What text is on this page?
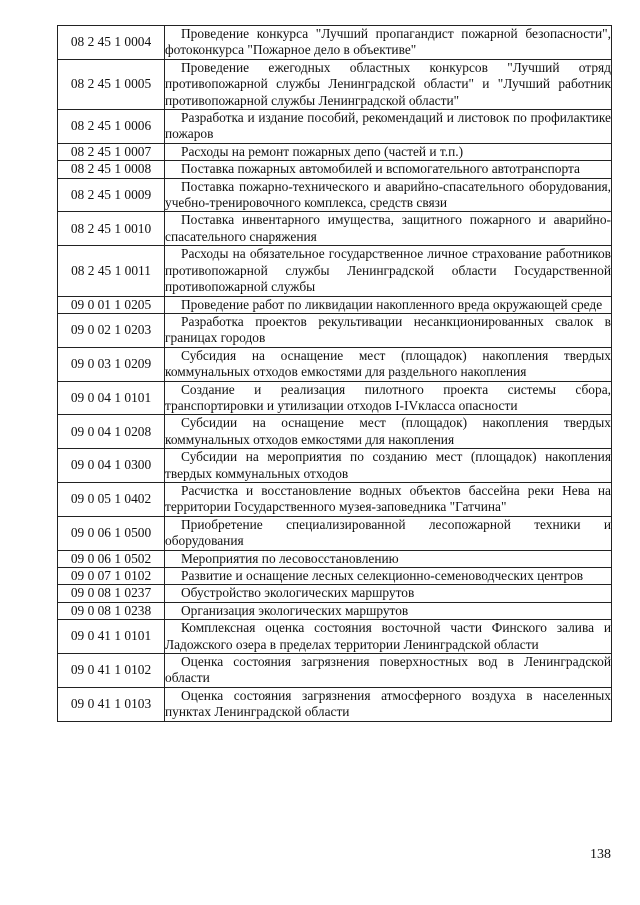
08 2 45 1 0004	Проведение конкурса "Лучший пропагандист пожарной безопасности", фотоконкурса "Пожарное дело в объективе"
08 2 45 1 0005	Проведение ежегодных областных конкурсов "Лучший отряд противопожарной службы Ленинградской области" и "Лучший работник противопожарной службы Ленинградской области"
08 2 45 1 0006	Разработка и издание пособий, рекомендаций и листовок по профилактике пожаров
08 2 45 1 0007	Расходы на ремонт пожарных депо (частей и т.п.)
08 2 45 1 0008	Поставка пожарных автомобилей и вспомогательного автотранспорта
08 2 45 1 0009	Поставка пожарно-технического и аварийно-спасательного оборудования, учебно-тренировочного комплекса, средств связи
08 2 45 1 0010	Поставка инвентарного имущества, защитного пожарного и аварийно-спасательного снаряжения
08 2 45 1 0011	Расходы на обязательное государственное личное страхование работников противопожарной службы Ленинградской области Государственной противопожарной службы
09 0 01 1 0205	Проведение работ по ликвидации накопленного вреда окружающей среде
09 0 02 1 0203	Разработка проектов рекультивации несанкционированных свалок в границах городов
09 0 03 1 0209	Субсидия на оснащение мест (площадок) накопления твердых коммунальных отходов емкостями для раздельного накопления
09 0 04 1 0101	Создание и реализация пилотного проекта системы сбора, транспортировки и утилизации отходов I-IVкласса опасности
09 0 04 1 0208	Субсидии на оснащение мест (площадок) накопления твердых коммунальных отходов емкостями для накопления
09 0 04 1 0300	Субсидии на мероприятия по созданию мест (площадок) накопления твердых коммунальных отходов
09 0 05 1 0402	Расчистка и восстановление водных объектов бассейна реки Нева на территории Государственного музея-заповедника "Гатчина"
09 0 06 1 0500	Приобретение специализированной лесопожарной техники и оборудования
09 0 06 1 0502	Мероприятия по лесовосстановлению
09 0 07 1 0102	Развитие и оснащение лесных селекционно-семеноводческих центров
09 0 08 1 0237	Обустройство экологических маршрутов
09 0 08 1 0238	Организация экологических маршрутов
09 0 41 1 0101	Комплексная оценка состояния восточной части Финского залива и Ладожского озера в пределах территории Ленинградской области
09 0 41 1 0102	Оценка состояния загрязнения поверхностных вод в Ленинградской области
09 0 41 1 0103	Оценка состояния загрязнения атмосферного воздуха в населенных пунктах Ленинградской области
138
